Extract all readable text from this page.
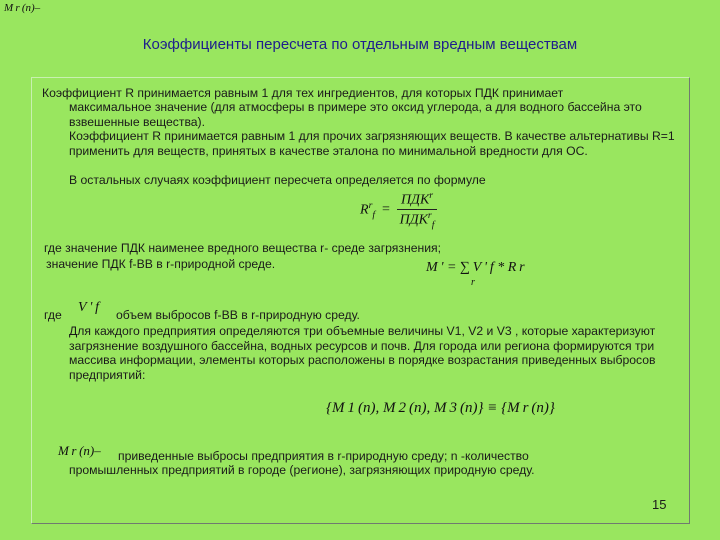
M r (n)–
Коэффициенты пересчета по отдельным вредным веществам
Коэффициент R принимается равным 1 для тех ингредиентов, для которых ПДК принимает
максимальное значение (для атмосферы в примере это оксид углерода, а для водного бассейна это взвешенные вещества).
Коэффициент R принимается равным 1 для прочих загрязняющих веществ. В качестве альтернативы R=1 применить для веществ, принятых в качестве эталона по минимальной вредности для ОС.
В остальных случаях коэффициент пересчета определяется по формуле
$R^r_f = \frac{ПДК^r}{ПДК^r_f}$
где значение ПДК наименее вредного вещества r- среде загрязнения;
значение ПДК f-ВВ в r-природной среде.	M ' = ∑ V ' f * R r
r
где V ' f объем выбросов f-ВВ в r-природную среду.
Для каждого предприятия определяются три объемные величины V1, V2 и V3 , которые характеризуют загрязнение воздушного бассейна, водных ресурсов и почв. Для города или региона формируются три массива информации, элементы которых расположены в порядке возрастания приведенных выбросов предприятий:
{M 1 (n), M 2 (n), M 3 (n)} ≡ {M r (n)}
M r (n)– приведенные выбросы предприятия в r-природную среду; n -количество
промышленных предприятий в городе (регионе), загрязняющих природную среду.
15
